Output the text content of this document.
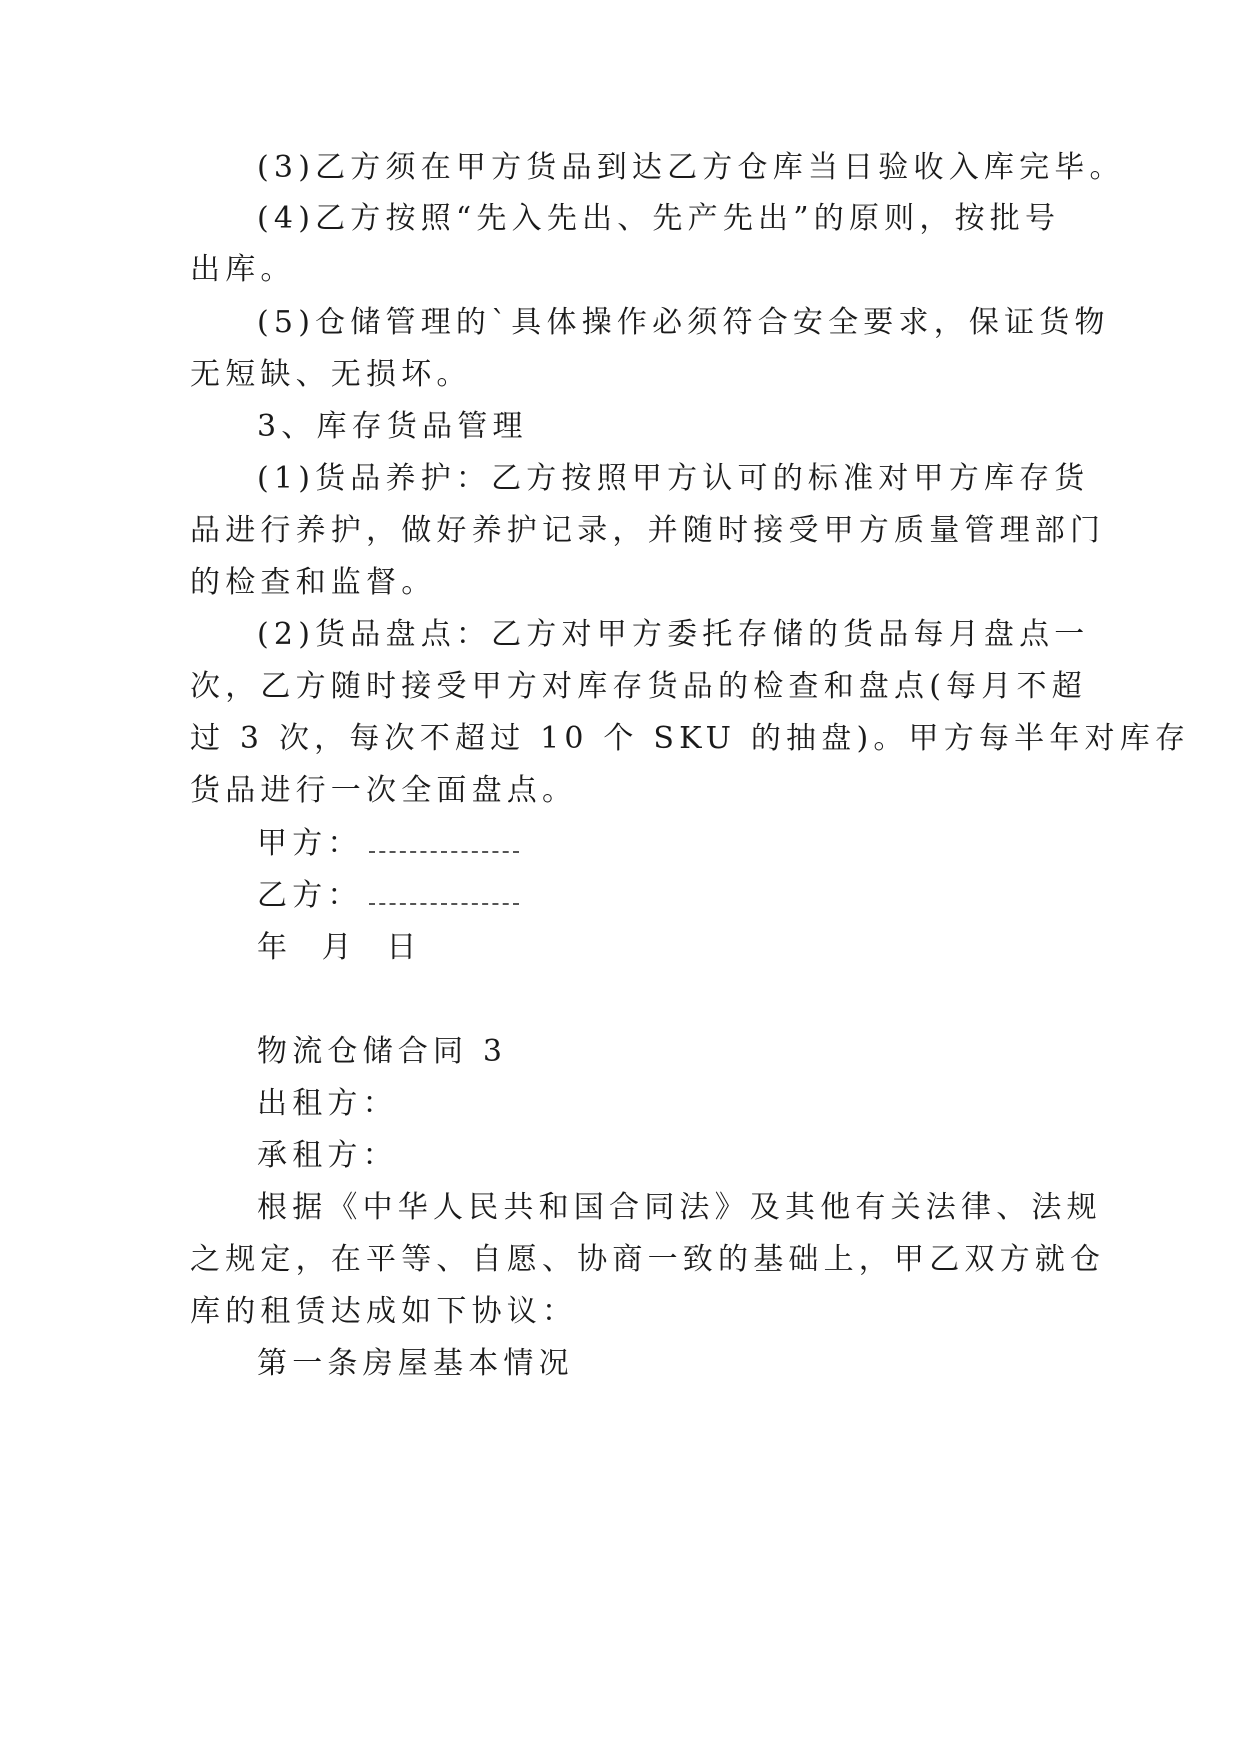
(3)乙方须在甲方货品到达乙方仓库当日验收入库完毕。
(4)乙方按照“先入先出、先产先出”的原则，按批号
出库。
(5)仓储管理的`具体操作必须符合安全要求，保证货物
无短缺、无损坏。
3、库存货品管理
(1)货品养护：乙方按照甲方认可的标准对甲方库存货
品进行养护，做好养护记录，并随时接受甲方质量管理部门
的检查和监督。
(2)货品盘点：乙方对甲方委托存储的货品每月盘点一
次，乙方随时接受甲方对库存货品的检查和盘点(每月不超
过 3 次，每次不超过 10 个 SKU 的抽盘)。甲方每半年对库存
货品进行一次全面盘点。
甲方：
乙方：
年  月  日
物流仓储合同 3
出租方：
承租方：
根据《中华人民共和国合同法》及其他有关法律、法规
之规定，在平等、自愿、协商一致的基础上，甲乙双方就仓
库的租赁达成如下协议：
第一条房屋基本情况
